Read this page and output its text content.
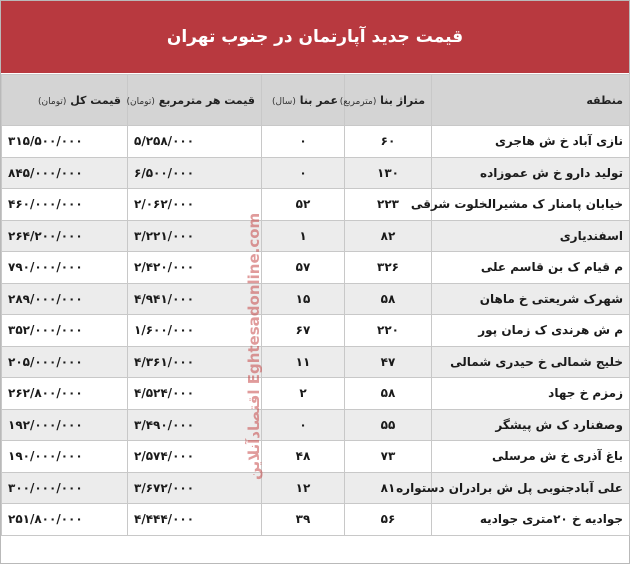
قیمت جدید آپارتمان در جنوب تهران
منطقه	متراژ بنا (مترمربع)	عمر بنا (سال)	قیمت هر مترمربع (تومان)	قیمت کل (تومان)
نازی آباد خ ش هاجری	۶۰	۰	۵/۲۵۸/۰۰۰	۳۱۵/۵۰۰/۰۰۰
تولید دارو خ ش عموزاده	۱۳۰	۰	۶/۵۰۰/۰۰۰	۸۴۵/۰۰۰/۰۰۰
خیابان پامنار ک مشیرالخلوت شرقی	۲۲۳	۵۲	۲/۰۶۲/۰۰۰	۴۶۰/۰۰۰/۰۰۰
اسفندیاری	۸۲	۱	۳/۲۲۱/۰۰۰	۲۶۴/۲۰۰/۰۰۰
م قیام ک بن قاسم علی	۳۲۶	۵۷	۲/۴۲۰/۰۰۰	۷۹۰/۰۰۰/۰۰۰
شهرک شریعتی خ ماهان	۵۸	۱۵	۴/۹۴۱/۰۰۰	۲۸۹/۰۰۰/۰۰۰
م ش هرندی ک زمان پور	۲۲۰	۶۷	۱/۶۰۰/۰۰۰	۳۵۲/۰۰۰/۰۰۰
خلیج شمالی خ حیدری شمالی	۴۷	۱۱	۴/۳۶۱/۰۰۰	۲۰۵/۰۰۰/۰۰۰
زمزم خ جهاد	۵۸	۲	۴/۵۲۴/۰۰۰	۲۶۲/۸۰۰/۰۰۰
وصفنارد ک ش پیشگر	۵۵	۰	۳/۴۹۰/۰۰۰	۱۹۲/۰۰۰/۰۰۰
باغ آذری خ ش مرسلی	۷۳	۴۸	۲/۵۷۴/۰۰۰	۱۹۰/۰۰۰/۰۰۰
علی آبادجنوبی پل ش برادران دستواره	۸۱	۱۲	۳/۶۷۲/۰۰۰	۳۰۰/۰۰۰/۰۰۰
جوادیه خ ۲۰متری جوادیه	۵۶	۳۹	۴/۴۴۴/۰۰۰	۲۵۱/۸۰۰/۰۰۰
اقتصادآنلاین Eghtesadonline.com
